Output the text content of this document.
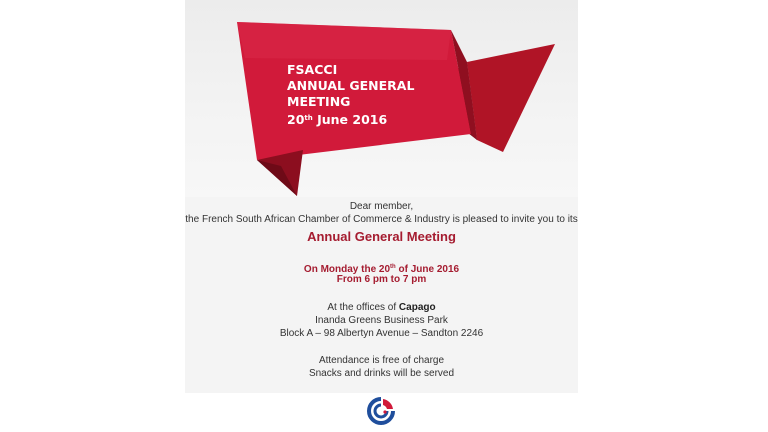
FSACCI
ANNUAL GENERAL
MEETING
20th June 2016
Dear member,
the French South African Chamber of Commerce & Industry is pleased to invite you to its
Annual General Meeting
On Monday the 20th of June 2016
From 6 pm to 7 pm
At the offices of Capago
Inanda Greens Business Park
Block A – 98 Albertyn Avenue – Sandton 2246
Attendance is free of charge
Snacks and drinks will be served
